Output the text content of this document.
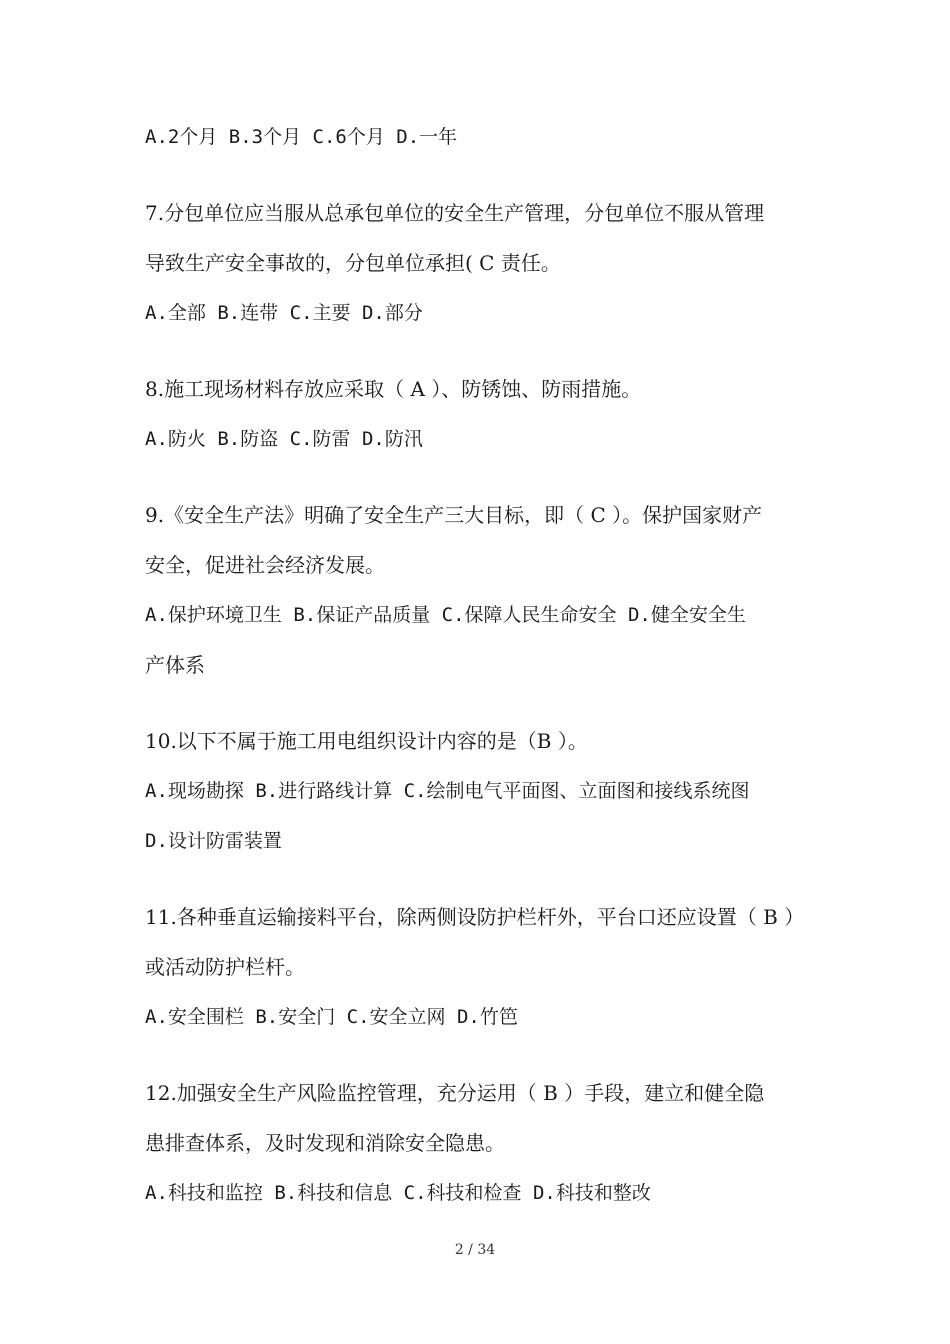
A.2个月 B.3个月 C.6个月 D.一年
7.分包单位应当服从总承包单位的安全生产管理，分包单位不服从管理
导致生产安全事故的，分包单位承担( C 责任。
A.全部 B.连带 C.主要 D.部分
8.施工现场材料存放应采取（ A ）、防锈蚀、防雨措施。
A.防火 B.防盗 C.防雷 D.防汛
9.《安全生产法》明确了安全生产三大目标，即（ C ）。保护国家财产
安全，促进社会经济发展。
A.保护环境卫生 B.保证产品质量 C.保障人民生命安全 D.健全安全生
产体系
10.以下不属于施工用电组织设计内容的是（B ）。
A.现场勘探 B.进行路线计算 C.绘制电气平面图、立面图和接线系统图
D.设计防雷装置
11.各种垂直运输接料平台，除两侧设防护栏杆外，平台口还应设置（ B ）
或活动防护栏杆。
A.安全围栏 B.安全门 C.安全立网 D.竹笆
12.加强安全生产风险监控管理，充分运用（ B ）手段，建立和健全隐
患排查体系，及时发现和消除安全隐患。
A.科技和监控 B.科技和信息 C.科技和检查 D.科技和整改
2 / 34
